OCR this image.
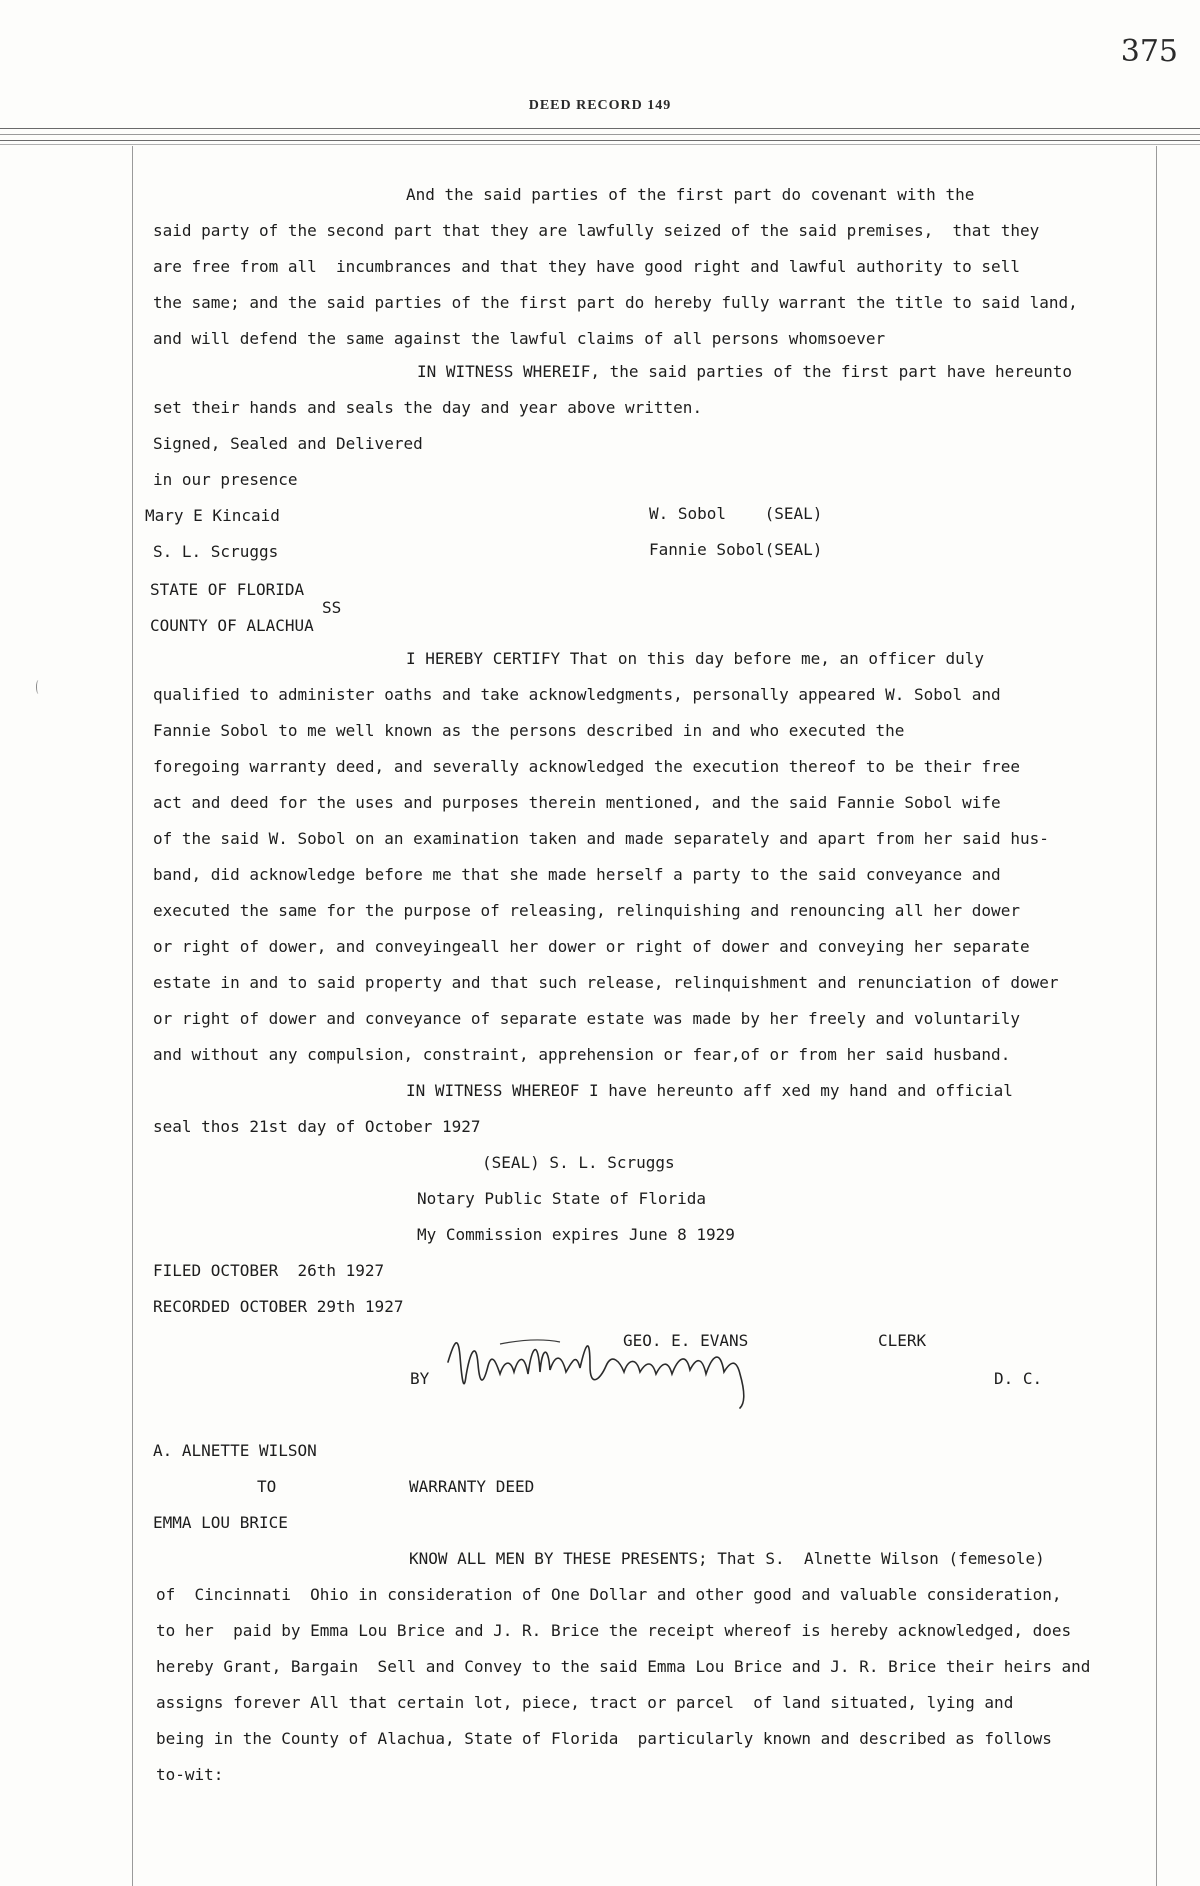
375
DEED RECORD 149
And the said parties of the first part do covenant with the
said party of the second part that they are lawfully seized of the said premises,  that they
are free from all  incumbrances and that they have good right and lawful authority to sell
the same; and the said parties of the first part do hereby fully warrant the title to said land,
and will defend the same against the lawful claims of all persons whomsoever
IN WITNESS WHEREIF, the said parties of the first part have hereunto
set their hands and seals the day and year above written.
Signed, Sealed and Delivered
in our presence
Mary E Kincaid
S. L. Scruggs
W. Sobol    (SEAL)
Fannie Sobol(SEAL)
STATE OF FLORIDA
SS
COUNTY OF ALACHUA
I HEREBY CERTIFY That on this day before me, an officer duly
qualified to administer oaths and take acknowledgments, personally appeared W. Sobol and
Fannie Sobol to me well known as the persons described in and who executed the
foregoing warranty deed, and severally acknowledged the execution thereof to be their free
act and deed for the uses and purposes therein mentioned, and the said Fannie Sobol wife
of the said W. Sobol on an examination taken and made separately and apart from her said hus-
band, did acknowledge before me that she made herself a party to the said conveyance and
executed the same for the purpose of releasing, relinquishing and renouncing all her dower
or right of dower, and conveyingeall her dower or right of dower and conveying her separate
estate in and to said property and that such release, relinquishment and renunciation of dower
or right of dower and conveyance of separate estate was made by her freely and voluntarily
and without any compulsion, constraint, apprehension or fear,of or from her said husband.
IN WITNESS WHEREOF I have hereunto aff xed my hand and official
seal thos 21st day of October 1927
(SEAL) S. L. Scruggs
Notary Public State of Florida
My Commission expires June 8 1929
FILED OCTOBER  26th 1927
RECORDED OCTOBER 29th 1927
GEO. E. EVANS	CLERK
BY	D. C.
A. ALNETTE WILSON
TO	WARRANTY DEED
EMMA LOU BRICE
KNOW ALL MEN BY THESE PRESENTS; That S.  Alnette Wilson (femesole)
of  Cincinnati  Ohio in consideration of One Dollar and other good and valuable consideration,
to her  paid by Emma Lou Brice and J. R. Brice the receipt whereof is hereby acknowledged, does
hereby Grant, Bargain  Sell and Convey to the said Emma Lou Brice and J. R. Brice their heirs and
assigns forever All that certain lot, piece, tract or parcel  of land situated, lying and
being in the County of Alachua, State of Florida  particularly known and described as follows
to-wit:
